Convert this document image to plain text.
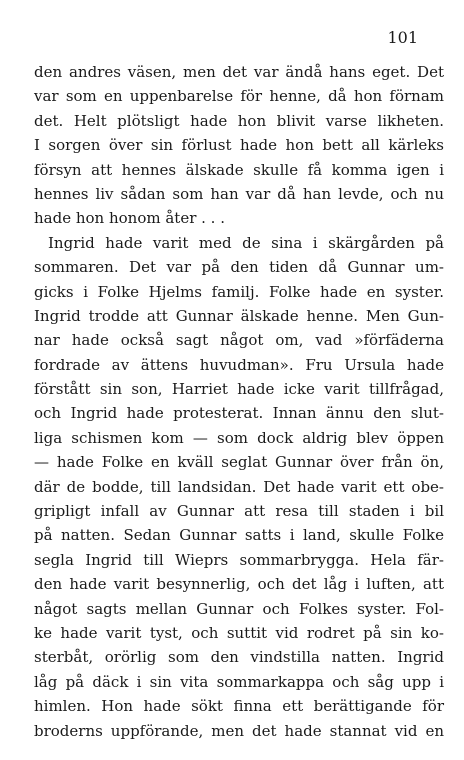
101
den andres väsen, men det var ändå hans eget. Det
var som en uppenbarelse för henne, då hon förnam
det. Helt plötsligt hade hon blivit varse likheten.
I sorgen över sin förlust hade hon bett all kärleks
försyn att hennes älskade skulle få komma igen i
hennes liv sådan som han var då han levde, och nu
hade hon honom åter . . .
Ingrid hade varit med de sina i skärgården på
sommaren. Det var på den tiden då Gunnar um-
gicks i Folke Hjelms familj. Folke hade en syster.
Ingrid trodde att Gunnar älskade henne. Men Gun-
nar hade också sagt något om, vad »förfäderna
fordrade av ättens huvudman». Fru Ursula hade
förstått sin son, Harriet hade icke varit tillfrågad,
och Ingrid hade protesterat. Innan ännu den slut-
liga schismen kom — som dock aldrig blev öppen
— hade Folke en kväll seglat Gunnar över från ön,
där de bodde, till landsidan. Det hade varit ett obe-
gripligt infall av Gunnar att resa till staden i bil
på natten. Sedan Gunnar satts i land, skulle Folke
segla Ingrid till Wieprs sommarbrygga. Hela fär-
den hade varit besynnerlig, och det låg i luften, att
något sagts mellan Gunnar och Folkes syster. Fol-
ke hade varit tyst, och suttit vid rodret på sin ko-
sterbåt, orörlig som den vindstilla natten. Ingrid
låg på däck i sin vita sommarkappa och såg upp i
himlen. Hon hade sökt finna ett berättigande för
broderns uppförande, men det hade stannat vid en
